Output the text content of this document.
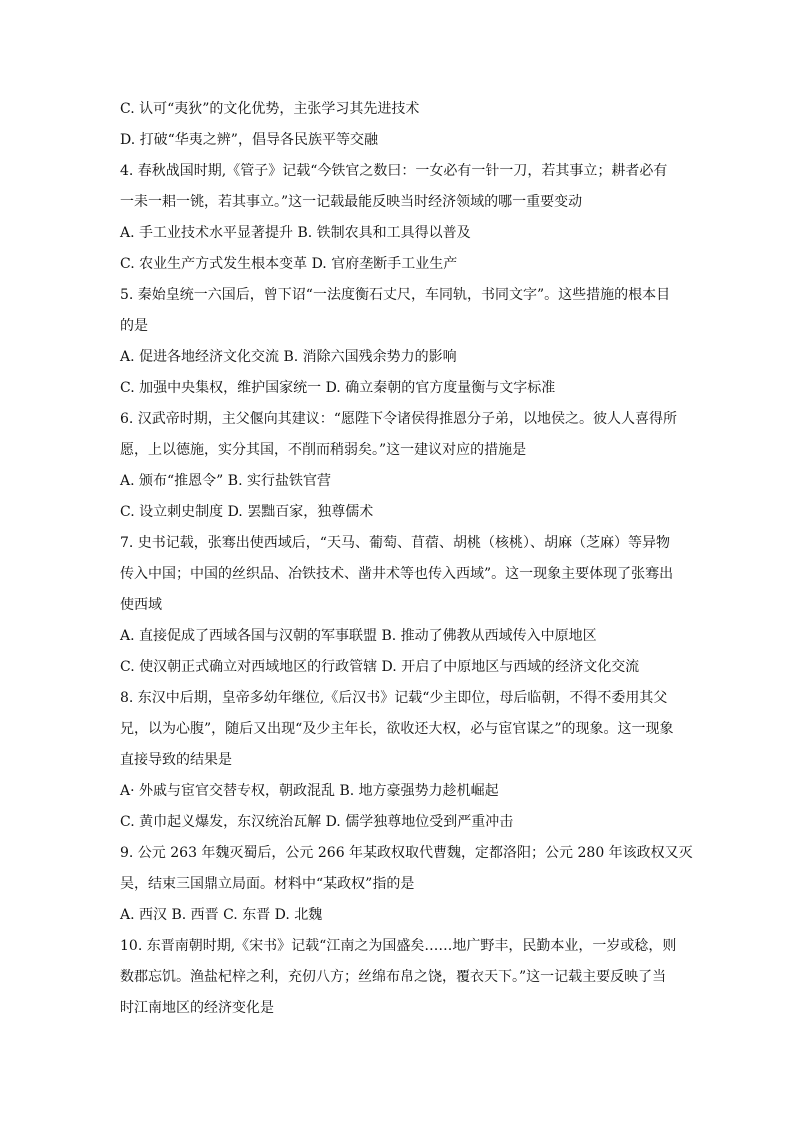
C. 认可“夷狄”的文化优势，主张学习其先进技术
D. 打破“华夷之辨”，倡导各民族平等交融
4. 春秋战国时期,《管子》记载“今铁官之数曰：一女必有一针一刀，若其事立；耕者必有
一耒一耜一铫，若其事立。”这一记载最能反映当时经济领域的哪一重要变动
A. 手工业技术水平显著提升 B. 铁制农具和工具得以普及
C. 农业生产方式发生根本变革 D. 官府垄断手工业生产
5. 秦始皇统一六国后，曾下诏“一法度衡石丈尺，车同轨，书同文字”。这些措施的根本目
的是
A. 促进各地经济文化交流 B. 消除六国残余势力的影响
C. 加强中央集权，维护国家统一 D. 确立秦朝的官方度量衡与文字标准
6. 汉武帝时期，主父偃向其建议：“愿陛下令诸侯得推恩分子弟，以地侯之。彼人人喜得所
愿，上以德施，实分其国，不削而稍弱矣。”这一建议对应的措施是
A. 颁布“推恩令” B. 实行盐铁官营
C. 设立刺史制度 D. 罢黜百家，独尊儒术
7. 史书记载，张骞出使西域后，“天马、葡萄、苜蓿、胡桃（核桃）、胡麻（芝麻）等异物
传入中国；中国的丝织品、冶铁技术、凿井术等也传入西域”。这一现象主要体现了张骞出
使西域
A. 直接促成了西域各国与汉朝的军事联盟 B. 推动了佛教从西域传入中原地区
C. 使汉朝正式确立对西域地区的行政管辖 D. 开启了中原地区与西域的经济文化交流
8. 东汉中后期，皇帝多幼年继位,《后汉书》记载“少主即位，母后临朝，不得不委用其父
兄，以为心腹”，随后又出现“及少主年长，欲收还大权，必与宦官谋之”的现象。这一现象
直接导致的结果是
A· 外戚与宦官交替专权，朝政混乱 B. 地方豪强势力趁机崛起
C. 黄巾起义爆发，东汉统治瓦解 D. 儒学独尊地位受到严重冲击
9. 公元 263 年魏灭蜀后，公元 266 年某政权取代曹魏，定都洛阳；公元 280 年该政权又灭
吴，结束三国鼎立局面。材料中“某政权”指的是
A. 西汉 B. 西晋 C. 东晋 D. 北魏
10. 东晋南朝时期,《宋书》记载“江南之为国盛矣……地广野丰，民勤本业，一岁或稔，则
数郡忘饥。渔盐杞梓之利，充仞八方；丝绵布帛之饶，覆衣天下。”这一记载主要反映了当
时江南地区的经济变化是
